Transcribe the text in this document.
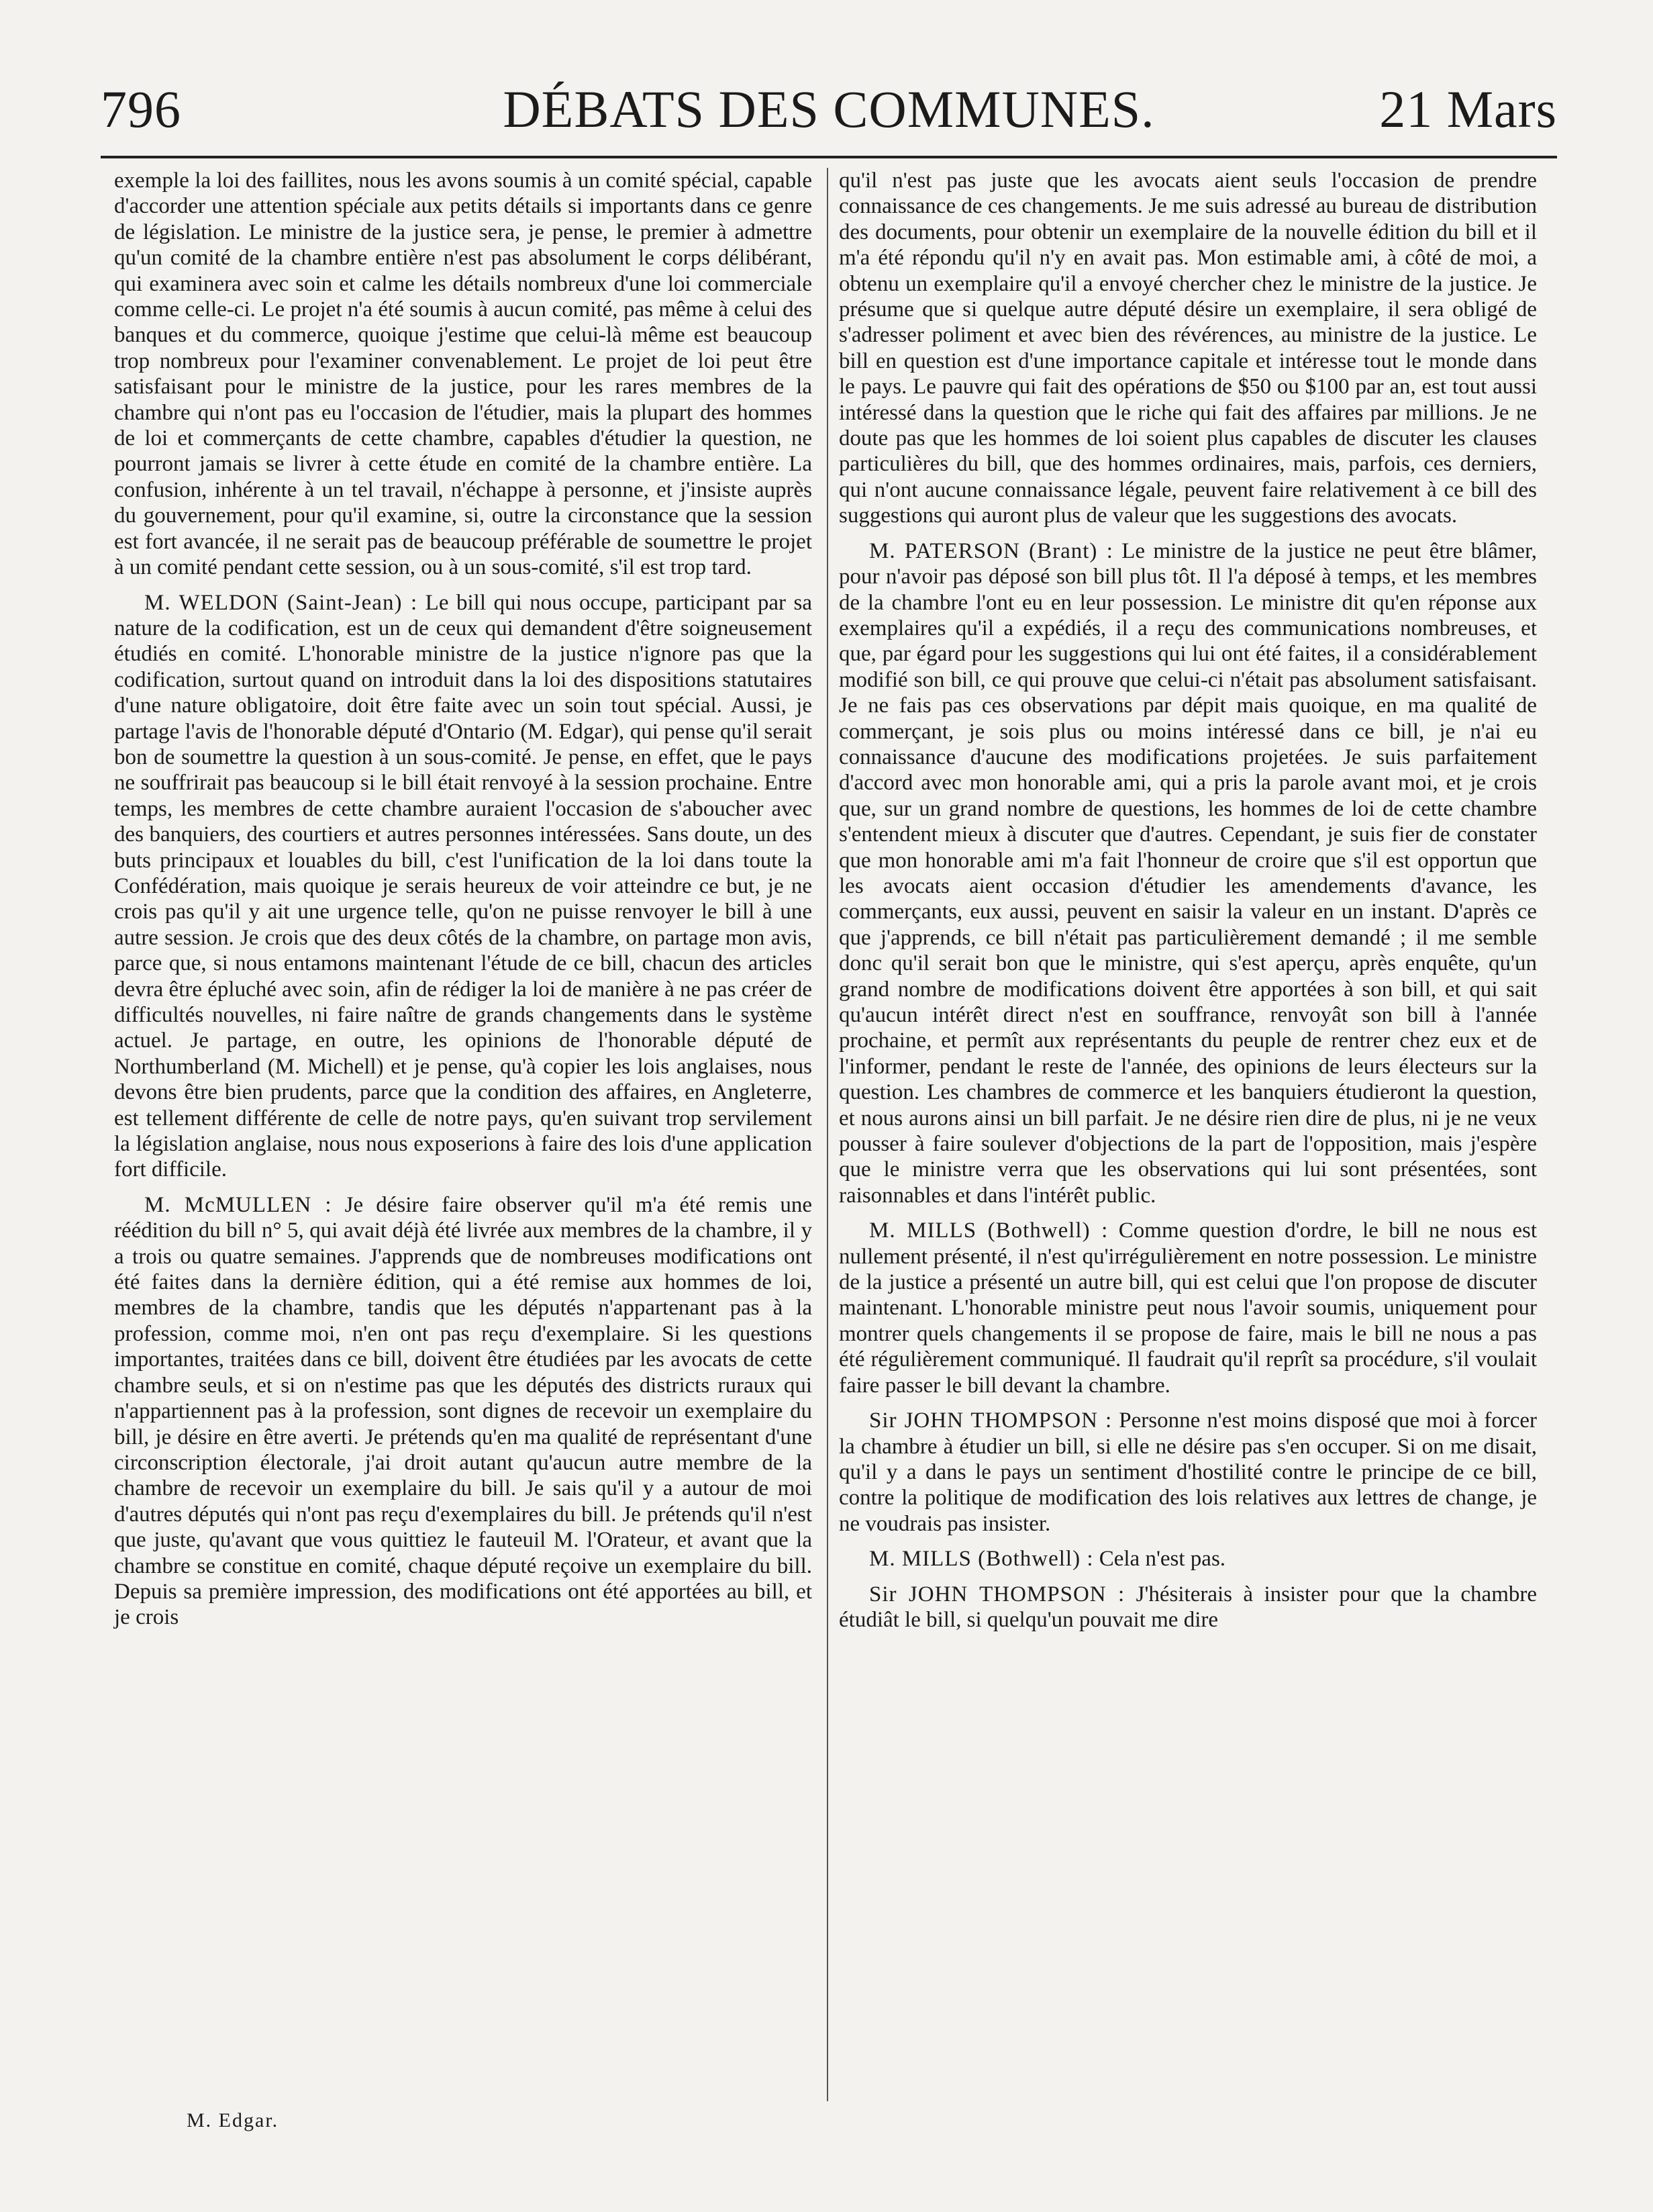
796	DÉBATS DES COMMUNES.	21 Mars

exemple la loi des faillites, nous les avons soumis à un comité spécial, capable d'accorder une attention spéciale aux petits détails si importants dans ce genre de législation. Le ministre de la justice sera, je pense, le premier à admettre qu'un comité de la chambre entière n'est pas absolument le corps délibérant, qui examinera avec soin et calme les détails nombreux d'une loi commerciale comme celle-ci. Le projet n'a été soumis à aucun comité, pas même à celui des banques et du commerce, quoique j'estime que celui-là même est beaucoup trop nombreux pour l'examiner convenablement. Le projet de loi peut être satisfaisant pour le ministre de la justice, pour les rares membres de la chambre qui n'ont pas eu l'occasion de l'étudier, mais la plupart des hommes de loi et commerçants de cette chambre, capables d'étudier la question, ne pourront jamais se livrer à cette étude en comité de la chambre entière. La confusion, inhérente à un tel travail, n'échappe à personne, et j'insiste auprès du gouvernement, pour qu'il examine, si, outre la circonstance que la session est fort avancée, il ne serait pas de beaucoup préférable de soumettre le projet à un comité pendant cette session, ou à un sous-comité, s'il est trop tard.

M. WELDON (Saint-Jean) : Le bill qui nous occupe, participant par sa nature de la codification, est un de ceux qui demandent d'être soigneusement étudiés en comité. L'honorable ministre de la justice n'ignore pas que la codification, surtout quand on introduit dans la loi des dispositions statutaires d'une nature obligatoire, doit être faite avec un soin tout spécial. Aussi, je partage l'avis de l'honorable député d'Ontario (M. Edgar), qui pense qu'il serait bon de soumettre la question à un sous-comité. Je pense, en effet, que le pays ne souffrirait pas beaucoup si le bill était renvoyé à la session prochaine. Entre temps, les membres de cette chambre auraient l'occasion de s'aboucher avec des banquiers, des courtiers et autres personnes intéressées. Sans doute, un des buts principaux et louables du bill, c'est l'unification de la loi dans toute la Confédération, mais quoique je serais heureux de voir atteindre ce but, je ne crois pas qu'il y ait une urgence telle, qu'on ne puisse renvoyer le bill à une autre session. Je crois que des deux côtés de la chambre, on partage mon avis, parce que, si nous entamons maintenant l'étude de ce bill, chacun des articles devra être épluché avec soin, afin de rédiger la loi de manière à ne pas créer de difficultés nouvelles, ni faire naître de grands changements dans le système actuel. Je partage, en outre, les opinions de l'honorable député de Northumberland (M. Michell) et je pense, qu'à copier les lois anglaises, nous devons être bien prudents, parce que la condition des affaires, en Angleterre, est tellement différente de celle de notre pays, qu'en suivant trop servilement la législation anglaise, nous nous exposerions à faire des lois d'une application fort difficile.

M. McMULLEN : Je désire faire observer qu'il m'a été remis une réédition du bill n° 5, qui avait déjà été livrée aux membres de la chambre, il y a trois ou quatre semaines. J'apprends que de nombreuses modifications ont été faites dans la dernière édition, qui a été remise aux hommes de loi, membres de la chambre, tandis que les députés n'appartenant pas à la profession, comme moi, n'en ont pas reçu d'exemplaire. Si les questions importantes, traitées dans ce bill, doivent être étudiées par les avocats de cette chambre seuls, et si on n'estime pas que les députés des districts ruraux qui n'appartiennent pas à la profession, sont dignes de recevoir un exemplaire du bill, je désire en être averti. Je prétends qu'en ma qualité de représentant d'une circonscription électorale, j'ai droit autant qu'aucun autre membre de la chambre de recevoir un exemplaire du bill. Je sais qu'il y a autour de moi d'autres députés qui n'ont pas reçu d'exemplaires du bill. Je prétends qu'il n'est que juste, qu'avant que vous quittiez le fauteuil M. l'Orateur, et avant que la chambre se constitue en comité, chaque député reçoive un exemplaire du bill. Depuis sa première impression, des modifications ont été apportées au bill, et je crois

qu'il n'est pas juste que les avocats aient seuls l'occasion de prendre connaissance de ces changements. Je me suis adressé au bureau de distribution des documents, pour obtenir un exemplaire de la nouvelle édition du bill et il m'a été répondu qu'il n'y en avait pas. Mon estimable ami, à côté de moi, a obtenu un exemplaire qu'il a envoyé chercher chez le ministre de la justice. Je présume que si quelque autre député désire un exemplaire, il sera obligé de s'adresser poliment et avec bien des révérences, au ministre de la justice. Le bill en question est d'une importance capitale et intéresse tout le monde dans le pays. Le pauvre qui fait des opérations de $50 ou $100 par an, est tout aussi intéressé dans la question que le riche qui fait des affaires par millions. Je ne doute pas que les hommes de loi soient plus capables de discuter les clauses particulières du bill, que des hommes ordinaires, mais, parfois, ces derniers, qui n'ont aucune connaissance légale, peuvent faire relativement à ce bill des suggestions qui auront plus de valeur que les suggestions des avocats.

M. PATERSON (Brant) : Le ministre de la justice ne peut être blâmer, pour n'avoir pas déposé son bill plus tôt. Il l'a déposé à temps, et les membres de la chambre l'ont eu en leur possession. Le ministre dit qu'en réponse aux exemplaires qu'il a expédiés, il a reçu des communications nombreuses, et que, par égard pour les suggestions qui lui ont été faites, il a considérablement modifié son bill, ce qui prouve que celui-ci n'était pas absolument satisfaisant. Je ne fais pas ces observations par dépit mais quoique, en ma qualité de commerçant, je sois plus ou moins intéressé dans ce bill, je n'ai eu connaissance d'aucune des modifications projetées. Je suis parfaitement d'accord avec mon honorable ami, qui a pris la parole avant moi, et je crois que, sur un grand nombre de questions, les hommes de loi de cette chambre s'entendent mieux à discuter que d'autres. Cependant, je suis fier de constater que mon honorable ami m'a fait l'honneur de croire que s'il est opportun que les avocats aient occasion d'étudier les amendements d'avance, les commerçants, eux aussi, peuvent en saisir la valeur en un instant. D'après ce que j'apprends, ce bill n'était pas particulièrement demandé ; il me semble donc qu'il serait bon que le ministre, qui s'est aperçu, après enquête, qu'un grand nombre de modifications doivent être apportées à son bill, et qui sait qu'aucun intérêt direct n'est en souffrance, renvoyât son bill à l'année prochaine, et permît aux représentants du peuple de rentrer chez eux et de l'informer, pendant le reste de l'année, des opinions de leurs électeurs sur la question. Les chambres de commerce et les banquiers étudieront la question, et nous aurons ainsi un bill parfait. Je ne désire rien dire de plus, ni je ne veux pousser à faire soulever d'objections de la part de l'opposition, mais j'espère que le ministre verra que les observations qui lui sont présentées, sont raisonnables et dans l'intérêt public.

M. MILLS (Bothwell) : Comme question d'ordre, le bill ne nous est nullement présenté, il n'est qu'irrégulièrement en notre possession. Le ministre de la justice a présenté un autre bill, qui est celui que l'on propose de discuter maintenant. L'honorable ministre peut nous l'avoir soumis, uniquement pour montrer quels changements il se propose de faire, mais le bill ne nous a pas été régulièrement communiqué. Il faudrait qu'il reprît sa procédure, s'il voulait faire passer le bill devant la chambre.

Sir JOHN THOMPSON : Personne n'est moins disposé que moi à forcer la chambre à étudier un bill, si elle ne désire pas s'en occuper. Si on me disait, qu'il y a dans le pays un sentiment d'hostilité contre le principe de ce bill, contre la politique de modification des lois relatives aux lettres de change, je ne voudrais pas insister.

M. MILLS (Bothwell) : Cela n'est pas.

Sir JOHN THOMPSON : J'hésiterais à insister pour que la chambre étudiât le bill, si quelqu'un pouvait me dire

M. Edgar.
